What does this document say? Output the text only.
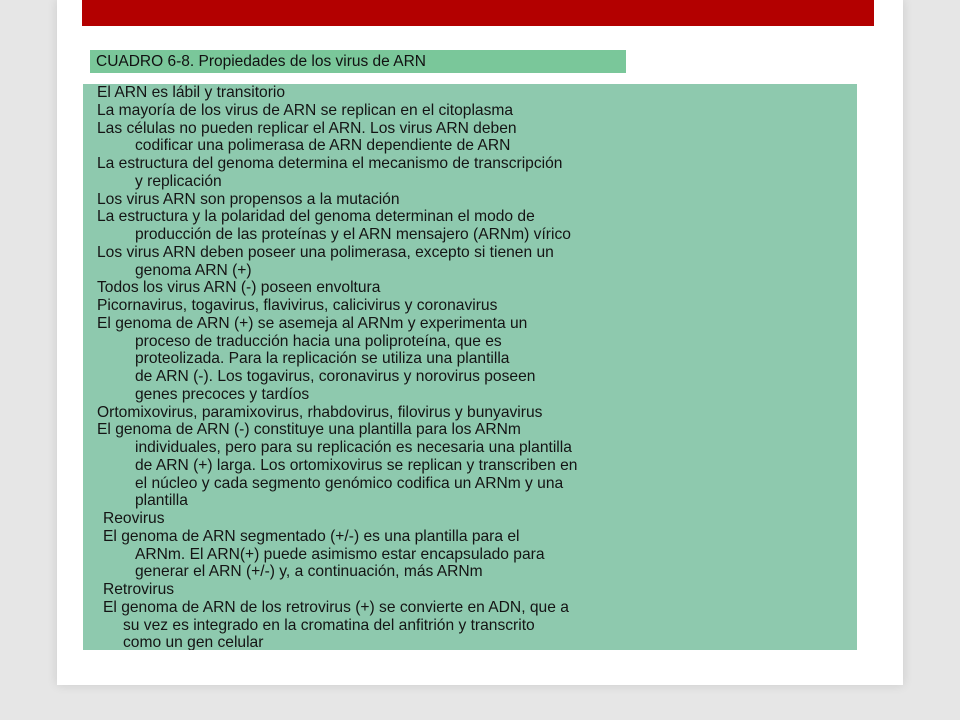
CUADRO 6-8. Propiedades de los virus de ARN
El ARN es lábil y transitorio
La mayoría de los virus de ARN se replican en el citoplasma
Las células no pueden replicar el ARN. Los virus ARN deben
codificar una polimerasa de ARN dependiente de ARN
La estructura del genoma determina el mecanismo de transcripción
y replicación
Los virus ARN son propensos a la mutación
La estructura y la polaridad del genoma determinan el modo de
producción de las proteínas y el ARN mensajero (ARNm) vírico
Los virus ARN deben poseer una polimerasa, excepto si tienen un
genoma ARN (+)
Todos los virus ARN (-) poseen envoltura
Picornavirus, togavirus, flavivirus, calicivirus y coronavirus
El genoma de ARN (+) se asemeja al ARNm y experimenta un
proceso de traducción hacia una poliproteína, que es
proteolizada. Para la replicación se utiliza una plantilla
de ARN (-). Los togavirus, coronavirus y norovirus poseen
genes precoces y tardíos
Ortomixovirus, paramixovirus, rhabdovirus, filovirus y bunyavirus
El genoma de ARN (-) constituye una plantilla para los ARNm
individuales, pero para su replicación es necesaria una plantilla
de ARN (+) larga. Los ortomixovirus se replican y transcriben en
el núcleo y cada segmento genómico codifica un ARNm y una
plantilla
Reovirus
El genoma de ARN segmentado (+/-) es una plantilla para el
ARNm. El ARN(+) puede asimismo estar encapsulado para
generar el ARN (+/-) y, a continuación, más ARNm
Retrovirus
El genoma de ARN de los retrovirus (+) se convierte en ADN, que a
su vez es integrado en la cromatina del anfitrión y transcrito
como un gen celular
